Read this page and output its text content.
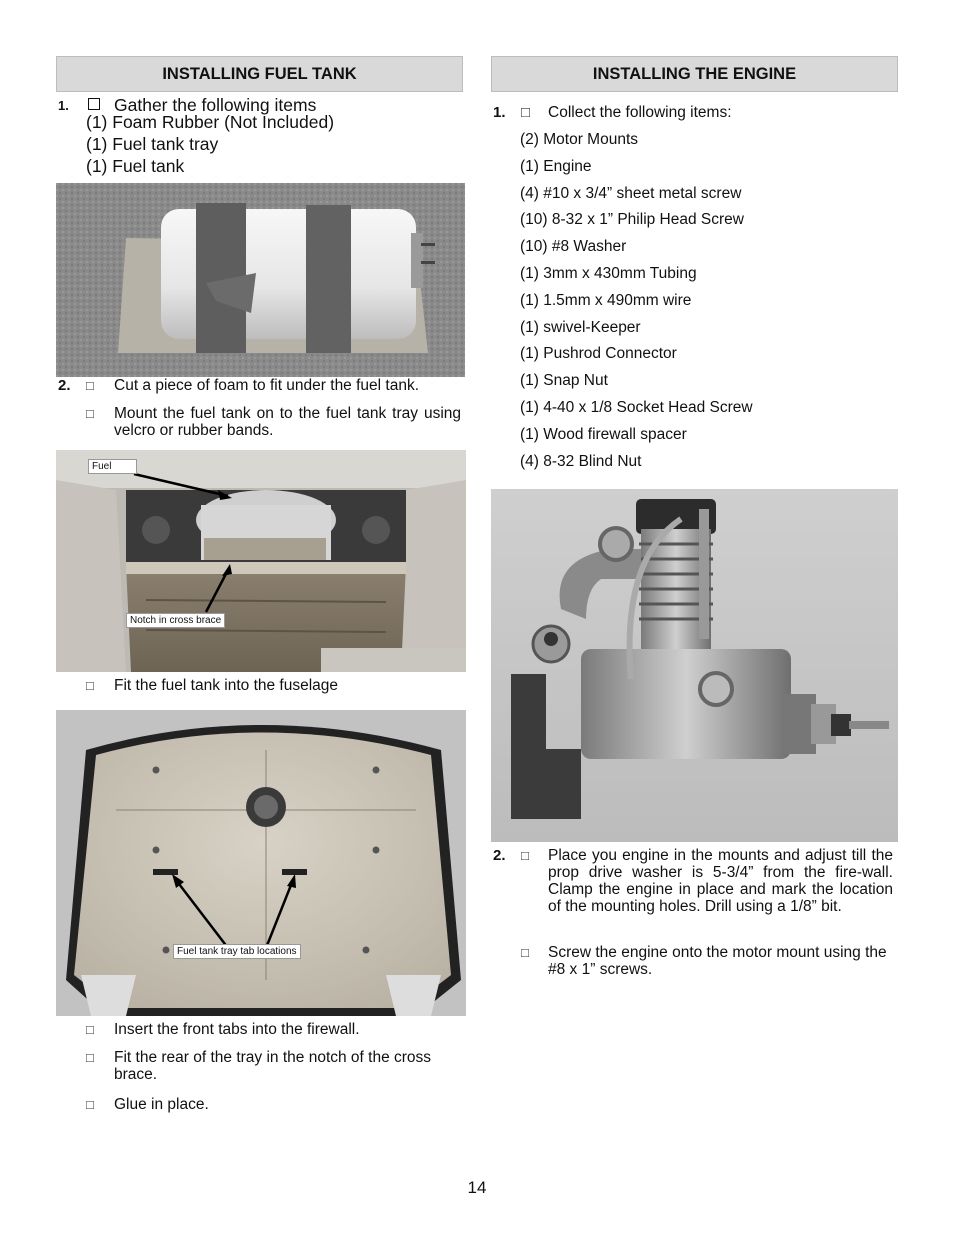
INSTALLING FUEL TANK
1.	Gather the following items
(1) Foam Rubber (Not Included)
(1) Fuel tank tray
(1) Fuel tank
2. □ Cut a piece of foam to fit under the fuel tank.
□ Mount the fuel tank on to the fuel tank tray using velcro or rubber bands.
Fuel
Notch in cross brace
□ Fit the fuel tank into the fuselage
Fuel tank tray tab locations
□ Insert the front tabs into the firewall.
□ Fit the rear of the tray in the notch of the cross brace.
□ Glue in place.
INSTALLING THE ENGINE
1. □ Collect the following items:
(2) Motor Mounts
(1) Engine
(4) #10 x 3/4” sheet metal screw
(10) 8-32 x 1” Philip Head Screw
(10) #8 Washer
(1) 3mm x 430mm Tubing
(1) 1.5mm x 490mm wire
(1) swivel-Keeper
(1) Pushrod Connector
(1) Snap Nut
(1) 4-40 x 1/8 Socket Head Screw
(1) Wood firewall spacer
(4) 8-32 Blind Nut
2. □ Place you engine in the mounts and adjust till the prop drive washer is 5-3/4” from the fire-wall. Clamp the engine in place and mark the location of the mounting holes. Drill using a 1/8” bit.
□ Screw the engine onto the motor mount using the #8 x 1” screws.
14
